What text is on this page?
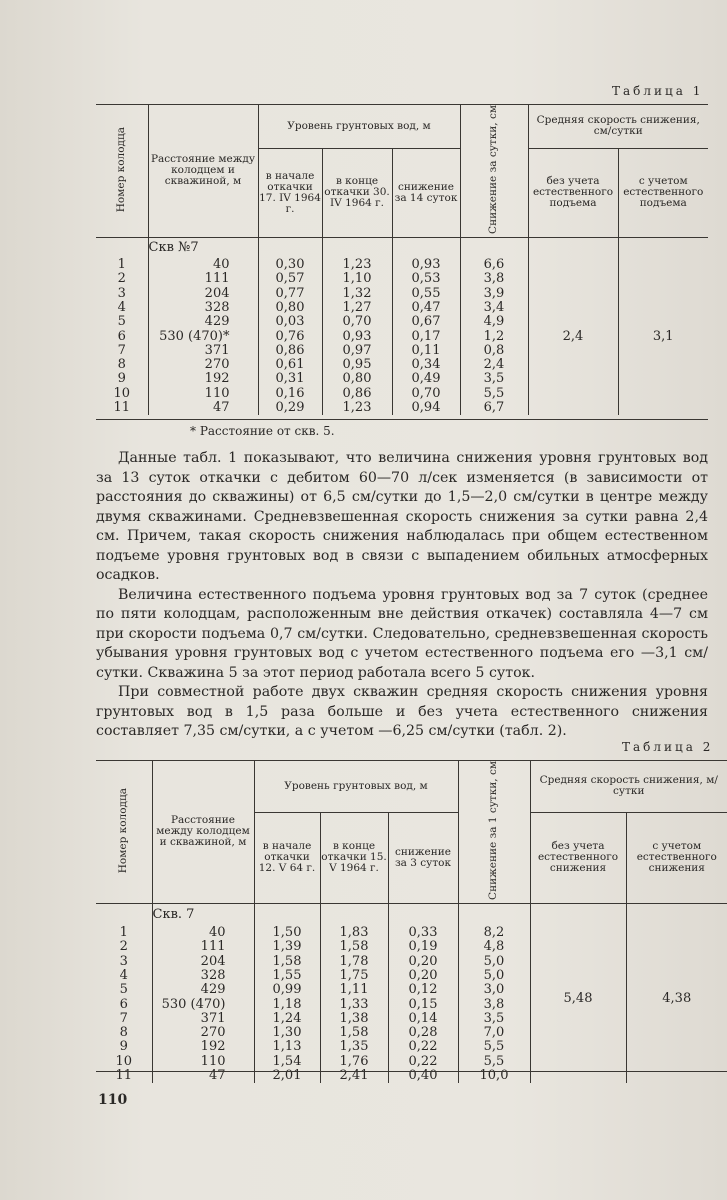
Таблица 1
Номер колодца	Расстояние между колодцем и скважиной, м	Уровень грунтовых вод, м			Снижение за сутки, см	Средняя скорость снижения, см/сутки	
		в начале откачки 17. IV 1964 г.	в конце откачки 30. IV 1964 г.	снижение за 14 суток		без учета естественного подъема	с учетом естественного подъема
	Скв №7					2,4	3,1
1	40	0,30	1,23	0,93	6,6		
2	111	0,57	1,10	0,53	3,8		
3	204	0,77	1,32	0,55	3,9		
4	328	0,80	1,27	0,47	3,4		
5	429	0,03	0,70	0,67	4,9		
6	530 (470)*	0,76	0,93	0,17	1,2		
7	371	0,86	0,97	0,11	0,8		
8	270	0,61	0,95	0,34	2,4		
9	192	0,31	0,80	0,49	3,5		
10	110	0,16	0,86	0,70	5,5		
11	47	0,29	1,23	0,94	6,7		
* Расстояние от скв. 5.

Данные табл. 1 показывают, что величина снижения уровня грунтовых вод за 13 суток откачки с дебитом 60—70 л/сек изменяется (в зависимости от расстояния до скважины) от 6,5 см/сутки до 1,5—2,0 см/сутки в центре между двумя скважинами. Средневзвешенная скорость снижения за сутки равна 2,4 см. Причем, такая скорость снижения наблюдалась при общем естественном подъеме уровня грунтовых вод в связи с выпадением обильных атмосферных осадков.

Величина естественного подъема уровня грунтовых вод за 7 суток (среднее по пяти колодцам, расположенным вне действия откачек) составляла 4—7 см при скорости подъема 0,7 см/сутки. Следовательно, средневзвешенная скорость убывания уровня грунтовых вод с учетом естественного подъема его —3,1 см/сутки. Скважина 5 за этот период работала всего 5 суток.

При совместной работе двух скважин средняя скорость снижения уровня грунтовых вод в 1,5 раза больше и без учета естественного снижения составляет 7,35 см/сутки, а с учетом —6,25 см/сутки (табл. 2).

Таблица 2
Номер колодца	Расстояние между колодцем и скважиной, м	Уровень грунтовых вод, м			Снижение за 1 сутки, см	Средняя скорость снижения, м/сутки	
		в начале откачки 12. V 64 г.	в конце откачки 15. V 1964 г.	снижение за 3 суток		без учета естественного снижения	с учетом естественного снижения
	Скв. 7					5,48	4,38
1	40	1,50	1,83	0,33	8,2		
2	111	1,39	1,58	0,19	4,8		
3	204	1,58	1,78	0,20	5,0		
4	328	1,55	1,75	0,20	5,0		
5	429	0,99	1,11	0,12	3,0		
6	530 (470)	1,18	1,33	0,15	3,8		
7	371	1,24	1,38	0,14	3,5		
8	270	1,30	1,58	0,28	7,0		
9	192	1,13	1,35	0,22	5,5		
10	110	1,54	1,76	0,22	5,5		
11	47	2,01	2,41	0,40	10,0		
110
